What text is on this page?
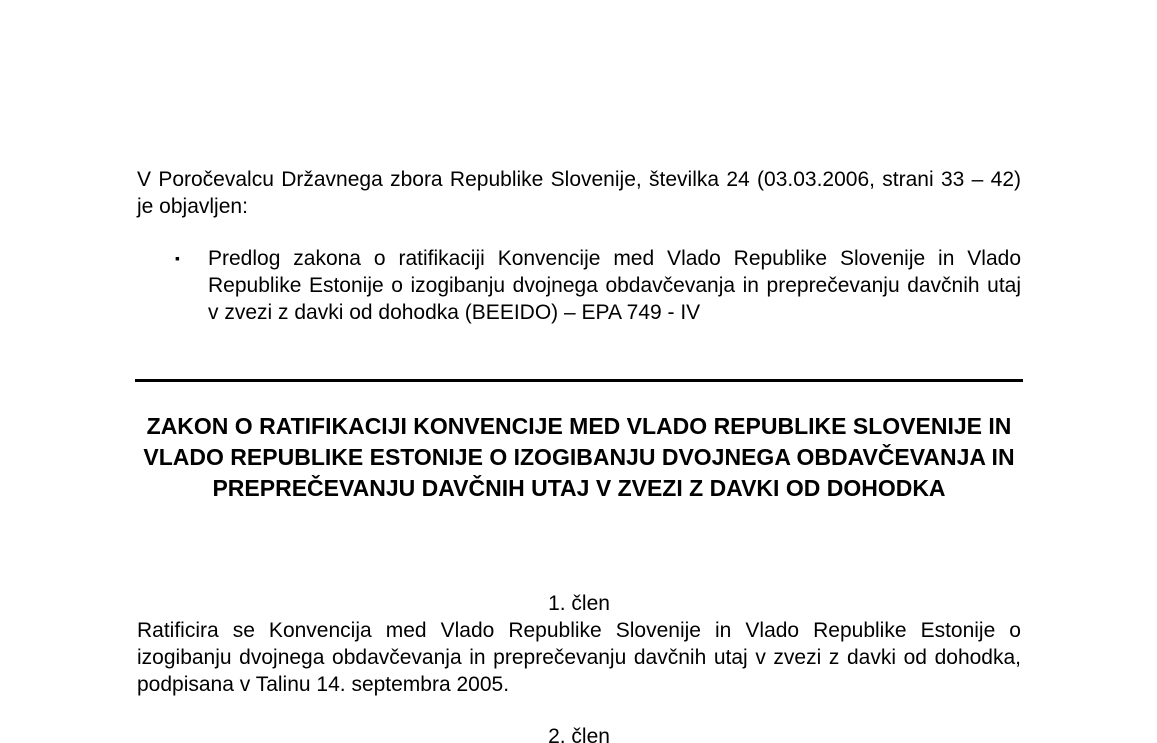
V Poročevalcu Državnega zbora Republike Slovenije, številka 24 (03.03.2006, strani 33 – 42) je objavljen:

▪	Predlog zakona o ratifikaciji Konvencije med Vlado Republike Slovenije in Vlado Republike Estonije o izogibanju dvojnega obdavčevanja in preprečevanju davčnih utaj v zvezi z davki od dohodka (BEEIDO) – EPA 749 - IV
ZAKON O RATIFIKACIJI KONVENCIJE MED VLADO REPUBLIKE SLOVENIJE IN VLADO REPUBLIKE ESTONIJE O IZOGIBANJU DVOJNEGA OBDAVČEVANJA IN PREPREČEVANJU DAVČNIH UTAJ V ZVEZI Z DAVKI OD DOHODKA
1. člen

Ratificira se Konvencija med Vlado Republike Slovenije in Vlado Republike Estonije o izogibanju dvojnega obdavčevanja in preprečevanju davčnih utaj v zvezi z davki od dohodka, podpisana v Talinu 14. septembra 2005.

2. člen
